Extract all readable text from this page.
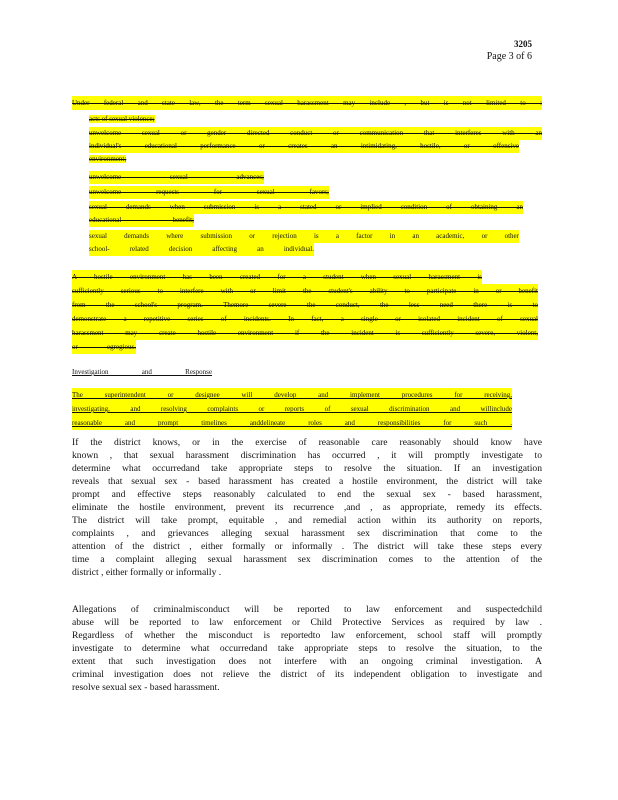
3205
Page 3 of 6
Under federal and state law, the term sexual harassment may include , but is not limited to :
acts of sexual violence;
unwelcome sexual or gender directed conduct or communication that interferes with an
individual's educational performance or creates an intimidating, hostile, or offensive
environment;
unwelcome sexual advances;
unwelcome requests for sexual favors;
sexual demands when submission is a stated or implied condition of obtaining an
educational benefit;
sexual demands where submission or rejection is a factor in an academic, or other
school- related decision affecting an individual.
A hostile environment has been created for a student when sexual harassment is
sufficiently serious to interfere with or limit the student's ability to participate in or benefit
from the school's program. Themore severe the conduct, the less need there is to
demonstrate a repetitive series of incidents. In fact, a single or isolated incident of sexual
harassment may create hostile environment if the incident is sufficiently severe, violent,
or egregious.
Investigation and Response
The superintendent or designee will develop and implement procedures for receiving,
investigating, and resolving complaints or reports of sexual discrimination and willinclude
reasonable and prompt timelines anddelineate roles and responsibilities for such .
If the district knows, or in the exercise of reasonable care reasonably should know have
known , that sexual harassment discrimination has occurred , it will promptly investigate to
determine what occurredand take appropriate steps to resolve the situation. If an investigation
reveals that sexual sex - based harassment has created a hostile environment, the district will take
prompt and effective steps reasonably calculated to end the sexual sex - based harassment,
eliminate the hostile environment, prevent its recurrence ,and , as appropriate, remedy its effects.
The district will take prompt, equitable , and remedial action within its authority on reports,
complaints , and grievances alleging sexual harassment sex discrimination that come to the
attention of the district , either formally or informally . The district will take these steps every
time a complaint alleging sexual harassment sex discrimination comes to the attention of the
district , either formally or informally .
Allegations of criminalmisconduct will be reported to law enforcement and suspectedchild
abuse will be reported to law enforcement or Child Protective Services as required by law .
Regardless of whether the misconduct is reportedto law enforcement, school staff will promptly
investigate to determine what occurredand take appropriate steps to resolve the situation, to the
extent that such investigation does not interfere with an ongoing criminal investigation. A
criminal investigation does not relieve the district of its independent obligation to investigate and
resolve sexual sex - based harassment.
